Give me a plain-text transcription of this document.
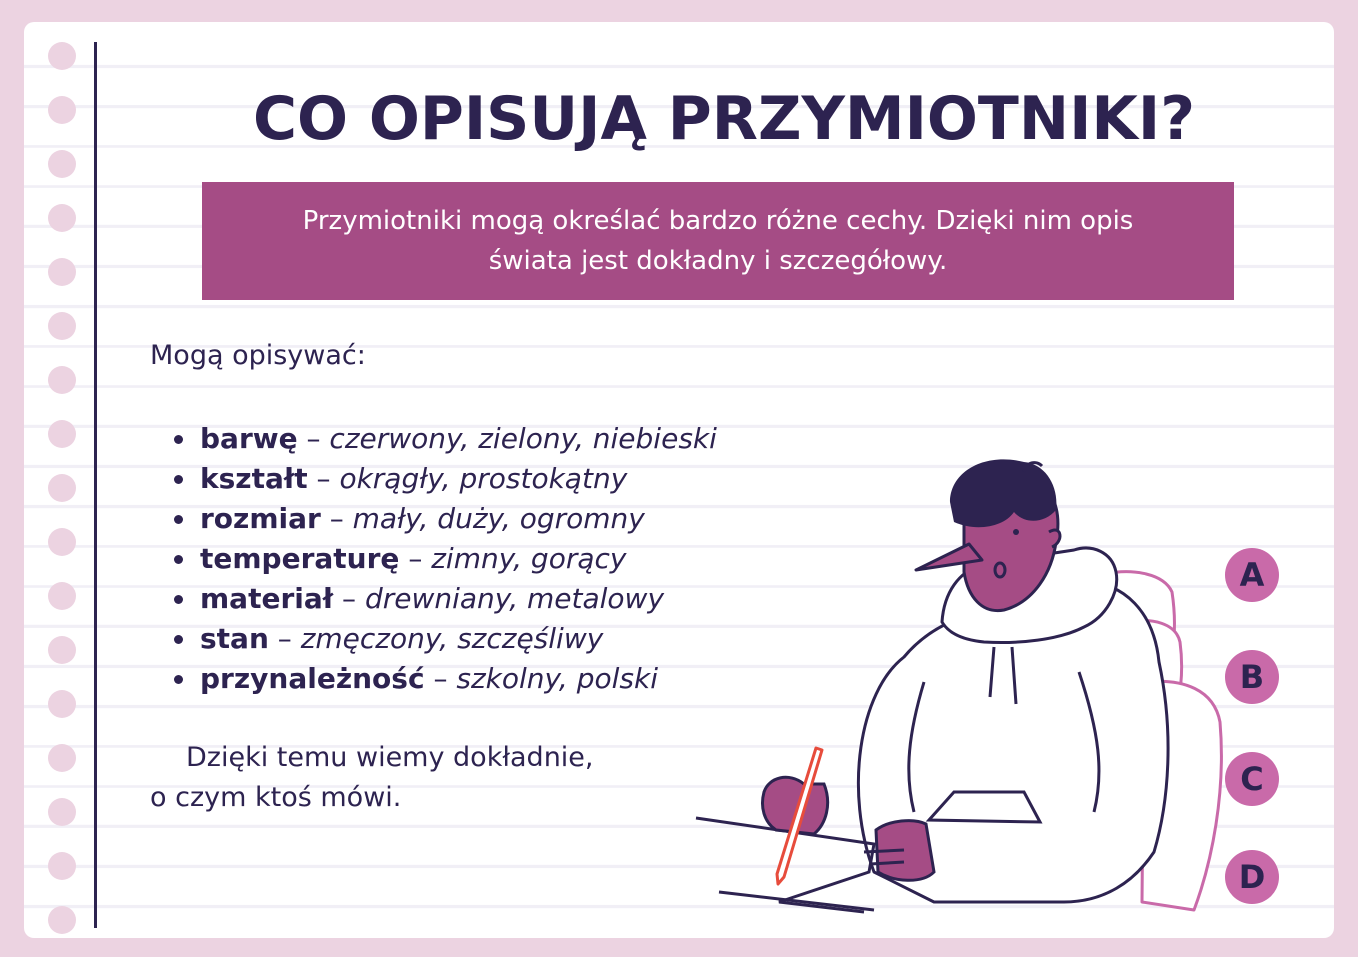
CO OPISUJĄ PRZYMIOTNIKI?

Przymiotniki mogą określać bardzo różne cechy. Dzięki nim opis
świata jest dokładny i szczegółowy.

Mogą opisywać:

barwę – czerwony, zielony, niebieski
kształt – okrągły, prostokątny
rozmiar – mały, duży, ogromny
temperaturę – zimny, gorący
materiał – drewniany, metalowy
stan – zmęczony, szczęśliwy
przynależność – szkolny, polski

Dzięki temu wiemy dokładnie,
o czym ktoś mówi.

A
B
C
D
